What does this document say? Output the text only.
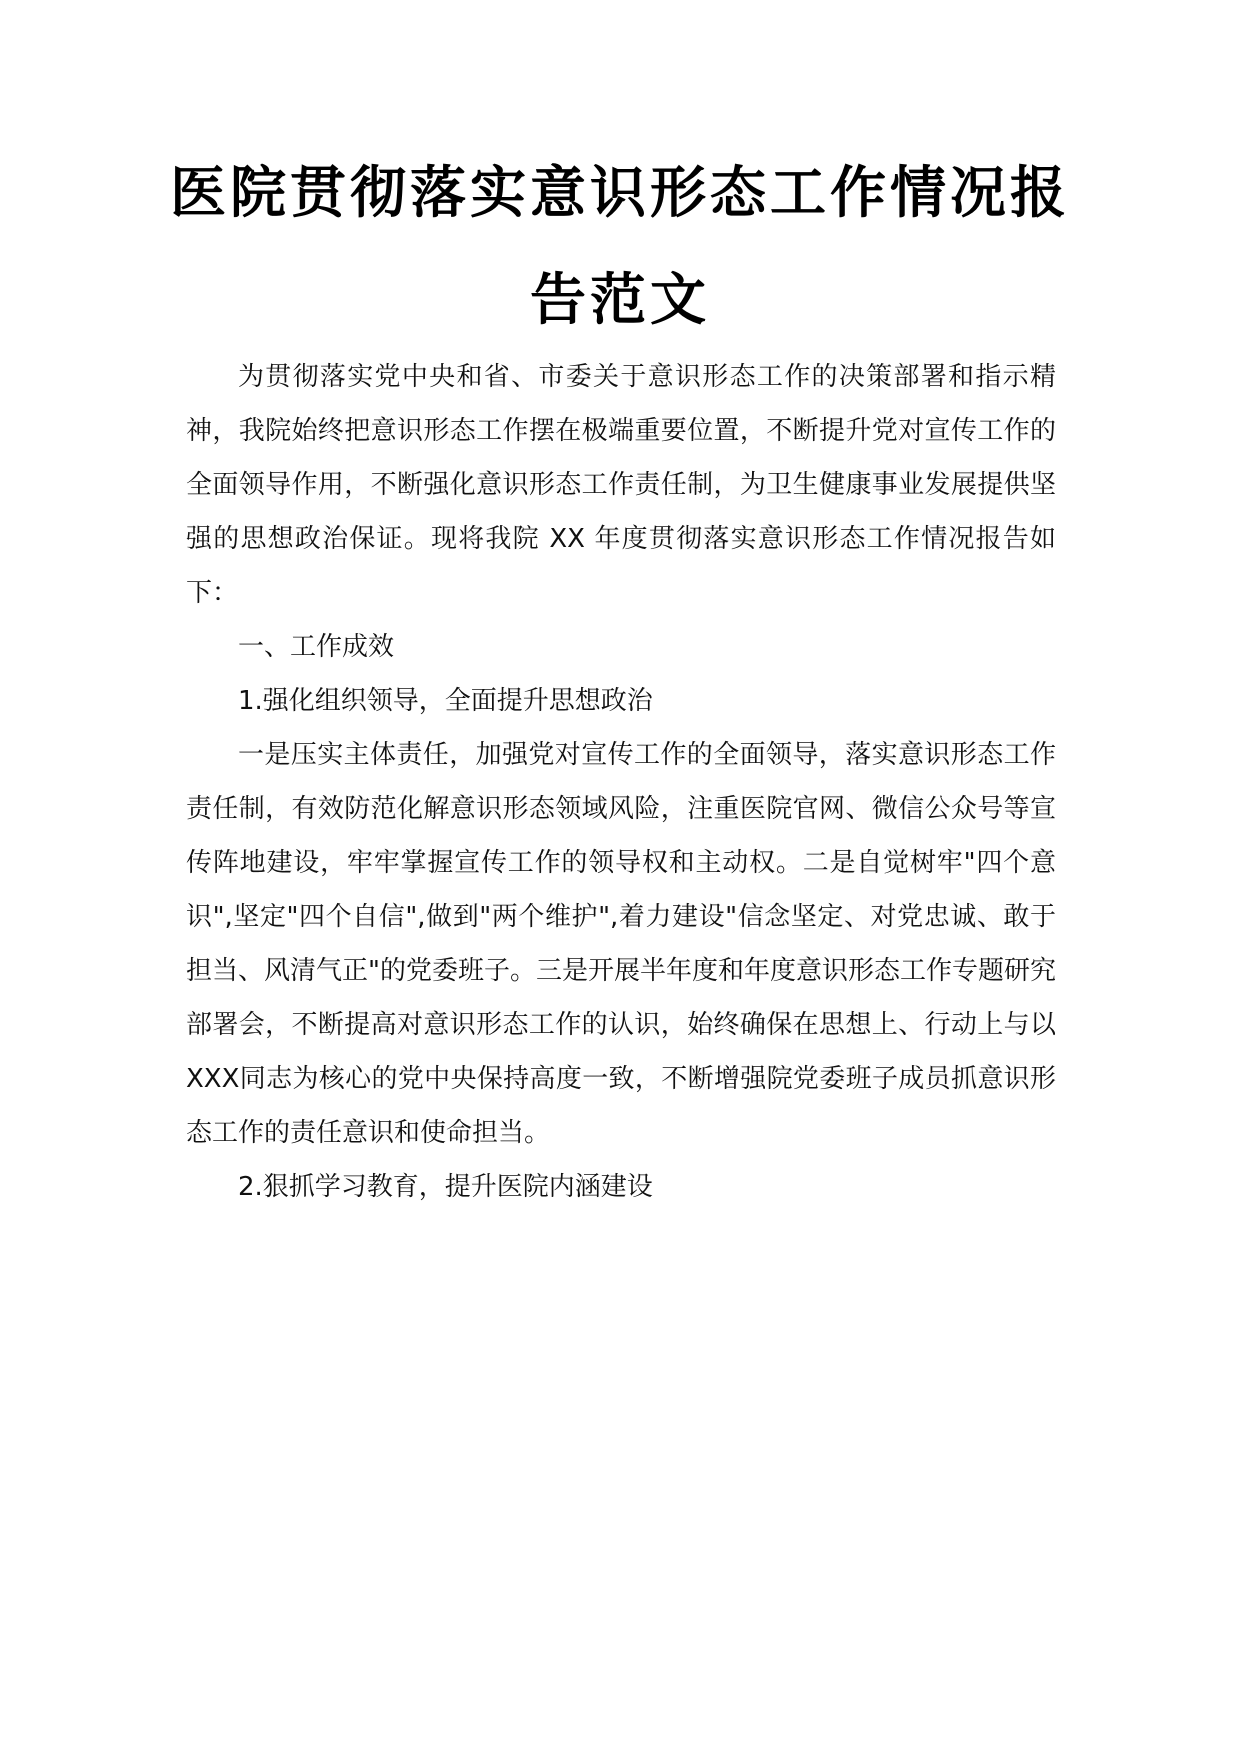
医院贯彻落实意识形态工作情况报
告范文

为贯彻落实党中央和省、市委关于意识形态工作的决策部署和指示精神，我院始终把意识形态工作摆在极端重要位置，不断提升党对宣传工作的全面领导作用，不断强化意识形态工作责任制，为卫生健康事业发展提供坚强的思想政治保证。现将我院 XX 年度贯彻落实意识形态工作情况报告如下：

一、工作成效

1.强化组织领导，全面提升思想政治

一是压实主体责任，加强党对宣传工作的全面领导，落实意识形态工作责任制，有效防范化解意识形态领域风险，注重医院官网、微信公众号等宣传阵地建设，牢牢掌握宣传工作的领导权和主动权。二是自觉树牢"四个意识",坚定"四个自信",做到"两个维护",着力建设"信念坚定、对党忠诚、敢于担当、风清气正"的党委班子。三是开展半年度和年度意识形态工作专题研究部署会，不断提高对意识形态工作的认识，始终确保在思想上、行动上与以XXX同志为核心的党中央保持高度一致，不断增强院党委班子成员抓意识形态工作的责任意识和使命担当。

2.狠抓学习教育，提升医院内涵建设
